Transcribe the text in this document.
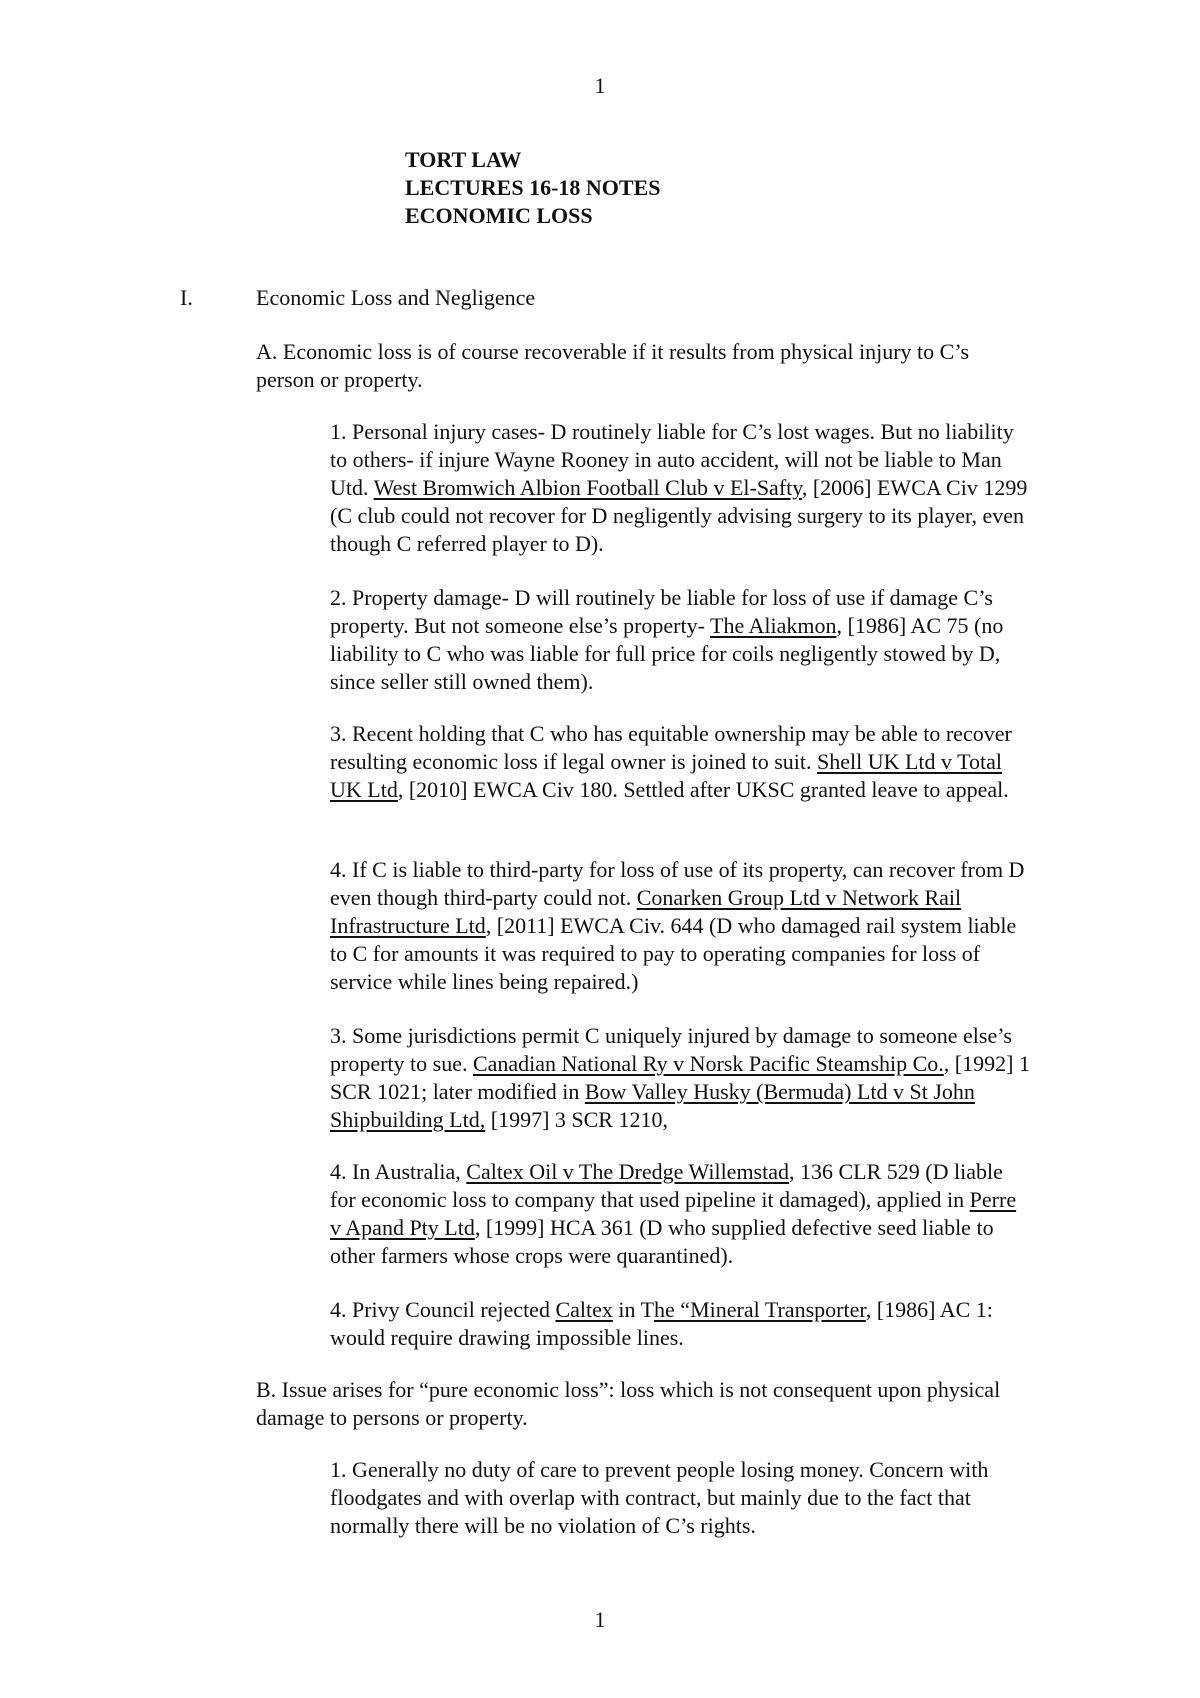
1
TORT LAW
LECTURES 16-18 NOTES
ECONOMIC LOSS
I.	Economic Loss and Negligence
A. Economic loss is of course recoverable if it results from physical injury to C’s person or property.
1. Personal injury cases- D routinely liable for C’s lost wages. But no liability to others- if injure Wayne Rooney in auto accident, will not be liable to Man Utd. West Bromwich Albion Football Club v El-Safty, [2006] EWCA Civ 1299 (C club could not recover for D negligently advising surgery to its player, even though C referred player to D).
2. Property damage- D will routinely be liable for loss of use if damage C’s property. But not someone else’s property- The Aliakmon, [1986] AC 75 (no liability to C who was liable for full price for coils negligently stowed by D, since seller still owned them).
3. Recent holding that C who has equitable ownership may be able to recover resulting economic loss if legal owner is joined to suit. Shell UK Ltd v Total UK Ltd, [2010] EWCA Civ 180. Settled after UKSC granted leave to appeal.
4. If C is liable to third-party for loss of use of its property, can recover from D even though third-party could not. Conarken Group Ltd v Network Rail Infrastructure Ltd, [2011] EWCA Civ. 644 (D who damaged rail system liable to C for amounts it was required to pay to operating companies for loss of service while lines being repaired.)
3. Some jurisdictions permit C uniquely injured by damage to someone else’s property to sue. Canadian National Ry v Norsk Pacific Steamship Co., [1992] 1 SCR 1021; later modified in Bow Valley Husky (Bermuda) Ltd v St John Shipbuilding Ltd, [1997] 3 SCR 1210,
4. In Australia, Caltex Oil v The Dredge Willemstad, 136 CLR 529 (D liable for economic loss to company that used pipeline it damaged), applied in Perre v Apand Pty Ltd, [1999] HCA 361 (D who supplied defective seed liable to other farmers whose crops were quarantined).
4. Privy Council rejected Caltex in The “Mineral Transporter, [1986] AC 1: would require drawing impossible lines.
B. Issue arises for “pure economic loss”: loss which is not consequent upon physical damage to persons or property.
1. Generally no duty of care to prevent people losing money. Concern with floodgates and with overlap with contract, but mainly due to the fact that normally there will be no violation of C’s rights.
1
